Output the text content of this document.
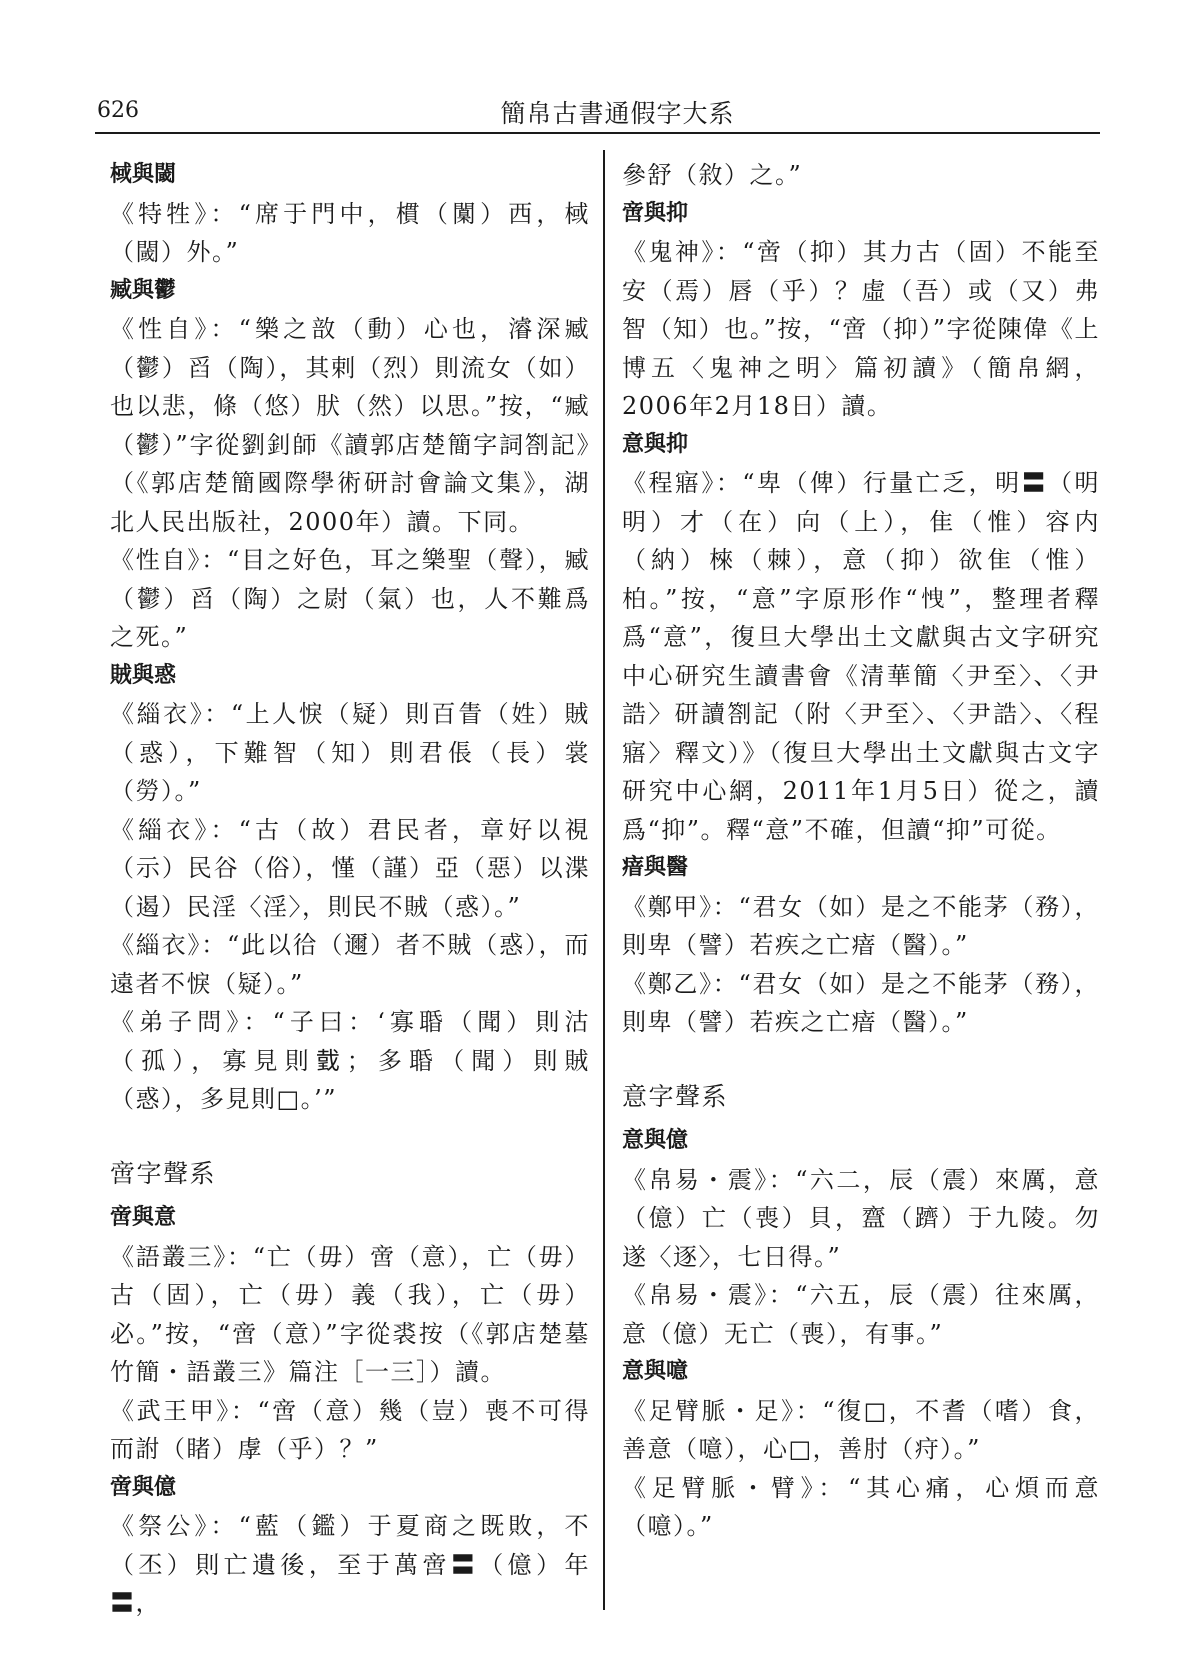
626	簡帛古書通假字大系

棫與閾

《特牲》：“席于門中，樌（闑）西，棫（閾）外。”

臧與鬱

《性自》：“樂之敨（動）心也，濬深臧（鬱）舀（陶），其剌（烈）則流女（如）也以悲，條（悠）肰（然）以思。”按，“臧（鬱）”字從劉釗師《讀郭店楚簡字詞劄記》（《郭店楚簡國際學術研討會論文集》，湖北人民出版社，2000年）讀。下同。

《性自》：“目之好色，耳之樂聖（聲），臧（鬱）舀（陶）之㷉（氣）也，人不難爲之死。”

賊與惑

《緇衣》：“上人悷（疑）則百眚（姓）賊（惑），下難智（知）則君倀（長）裳（勞）。”

《緇衣》：“古（故）君民者，章好以視（示）民谷（俗），慬（謹）亞（惡）以渫（遏）民淫〈淫〉，則民不賊（惑）。”

《緇衣》：“此以㣛（邇）者不賊（惑），而遠者不悷（疑）。”

《弟子問》：“子曰：‘寡䎽（聞）則沽（孤），寡見則𢧜；多䎽（聞）則賊（惑），多見則□。’”

啻字聲系

啻與意

《語叢三》：“亡（毋）啻（意），亡（毋）古（固），亡（毋）義（我），亡（毋）必。”按，“啻（意）”字從裘按（《郭店楚墓竹簡・語叢三》篇注［一三］）讀。

《武王甲》：“啻（意）幾（豈）喪不可得而詂（睹）虖（乎）？”

啻與億

《祭公》：“藍（鑑）于夏商之既敗，不（丕）則亡遺後，至于萬啻〓（億）年〓，

參舒（敘）之。”

啻與抑

《鬼神》：“啻（抑）其力古（固）不能至安（焉）唇（乎）？虛（吾）或（又）弗智（知）也。”按，“啻（抑）”字從陳偉《上博五〈鬼神之明〉篇初讀》（簡帛網，2006年2月18日）讀。

意與抑

《程寤》：“卑（俾）行量亡乏，明〓（明明）才（在）向（上），隹（惟）容内（納）棶（棘），意（抑）欲隹（惟）柏。”按，“意”字原形作“𢘽”，整理者釋爲“意”，復旦大學出土文獻與古文字研究中心研究生讀書會《清華簡〈尹至〉、〈尹誥〉研讀劄記（附〈尹至〉、〈尹誥〉、〈程寤〉釋文）》（復旦大學出土文獻與古文字研究中心網，2011年1月5日）從之，讀爲“抑”。釋“意”不確，但讀“抑”可從。

瘖與醫

《鄭甲》：“君女（如）是之不能茅（務），則卑（譬）若疾之亡瘖（醫）。”

《鄭乙》：“君女（如）是之不能茅（務），則卑（譬）若疾之亡瘖（醫）。”

意字聲系

意與億

《帛易・震》：“六二，辰（震）來厲，意（億）亡（喪）貝，齍（躋）于九陵。勿遂〈逐〉，七日得。”

《帛易・震》：“六五，辰（震）往來厲，意（億）无亡（喪），有事。”

意與噫

《足臂脈・足》：“復□，不耆（嗜）食，善意（噫），心□，善肘（疛）。”

《足臂脈・臂》：“其心痛，心煩而意（噫）。”
